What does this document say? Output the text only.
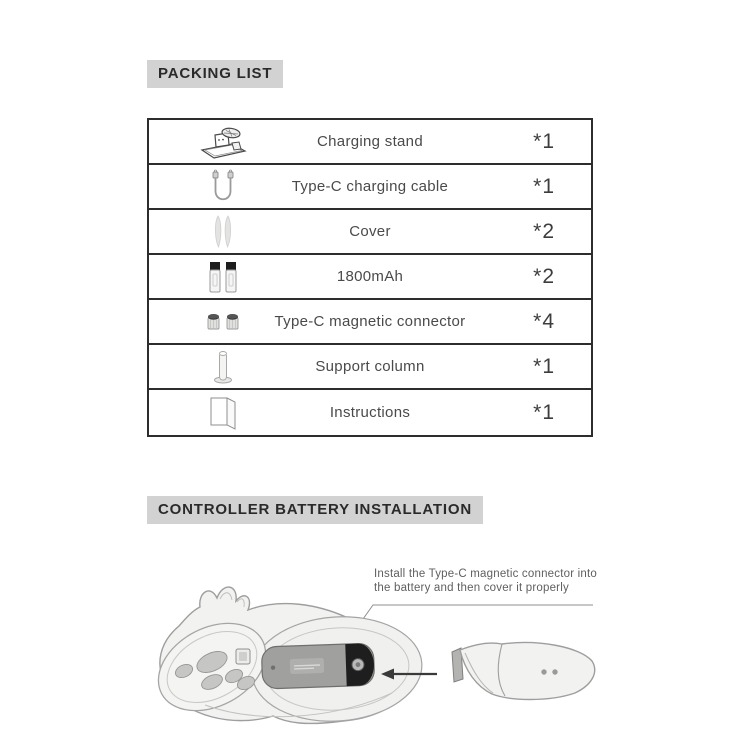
PACKING LIST
Charging stand	*1
Type-C charging cable	*1
Cover	*2
1800mAh	*2
Type-C magnetic connector	*4
Support column	*1
Instructions	*1
CONTROLLER BATTERY INSTALLATION
Install the Type-C magnetic connector into
the battery and then cover it properly
